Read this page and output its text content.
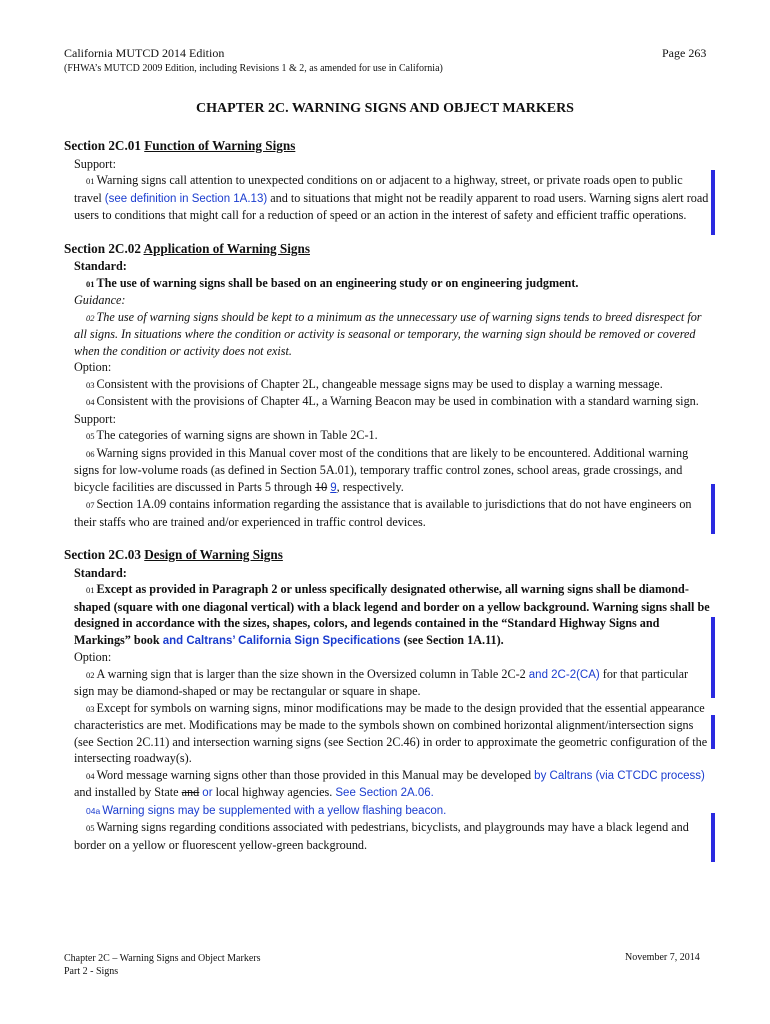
California MUTCD 2014 Edition
(FHWA’s MUTCD 2009 Edition, including Revisions 1 & 2, as amended for use in California)
Page 263
CHAPTER 2C. WARNING SIGNS AND OBJECT MARKERS
Section 2C.01 Function of Warning Signs
Support:

01 Warning signs call attention to unexpected conditions on or adjacent to a highway, street, or private roads open to public travel (see definition in Section 1A.13) and to situations that might not be readily apparent to road users. Warning signs alert road users to conditions that might call for a reduction of speed or an action in the interest of safety and efficient traffic operations.

Section 2C.02 Application of Warning Signs
Standard:

01 The use of warning signs shall be based on an engineering study or on engineering judgment.

Guidance:

02 The use of warning signs should be kept to a minimum as the unnecessary use of warning signs tends to breed disrespect for all signs. In situations where the condition or activity is seasonal or temporary, the warning sign should be removed or covered when the condition or activity does not exist.

Option:

03 Consistent with the provisions of Chapter 2L, changeable message signs may be used to display a warning message.

04 Consistent with the provisions of Chapter 4L, a Warning Beacon may be used in combination with a standard warning sign.

Support:

05 The categories of warning signs are shown in Table 2C-1.

06 Warning signs provided in this Manual cover most of the conditions that are likely to be encountered. Additional warning signs for low-volume roads (as defined in Section 5A.01), temporary traffic control zones, school areas, grade crossings, and bicycle facilities are discussed in Parts 5 through 10 9, respectively.

07 Section 1A.09 contains information regarding the assistance that is available to jurisdictions that do not have engineers on their staffs who are trained and/or experienced in traffic control devices.

Section 2C.03 Design of Warning Signs
Standard:

01 Except as provided in Paragraph 2 or unless specifically designated otherwise, all warning signs shall be diamond-shaped (square with one diagonal vertical) with a black legend and border on a yellow background. Warning signs shall be designed in accordance with the sizes, shapes, colors, and legends contained in the “Standard Highway Signs and Markings” book and Caltrans’ California Sign Specifications (see Section 1A.11).

Option:

02 A warning sign that is larger than the size shown in the Oversized column in Table 2C-2 and 2C-2(CA) for that particular sign may be diamond-shaped or may be rectangular or square in shape.

03 Except for symbols on warning signs, minor modifications may be made to the design provided that the essential appearance characteristics are met. Modifications may be made to the symbols shown on combined horizontal alignment/intersection signs (see Section 2C.11) and intersection warning signs (see Section 2C.46) in order to approximate the geometric configuration of the intersecting roadway(s).

04 Word message warning signs other than those provided in this Manual may be developed by Caltrans (via CTCDC process) and installed by State and or local highway agencies. See Section 2A.06.

04a Warning signs may be supplemented with a yellow flashing beacon.

05 Warning signs regarding conditions associated with pedestrians, bicyclists, and playgrounds may have a black legend and border on a yellow or fluorescent yellow-green background.

Chapter 2C – Warning Signs and Object Markers
Part 2 - Signs
November 7, 2014
